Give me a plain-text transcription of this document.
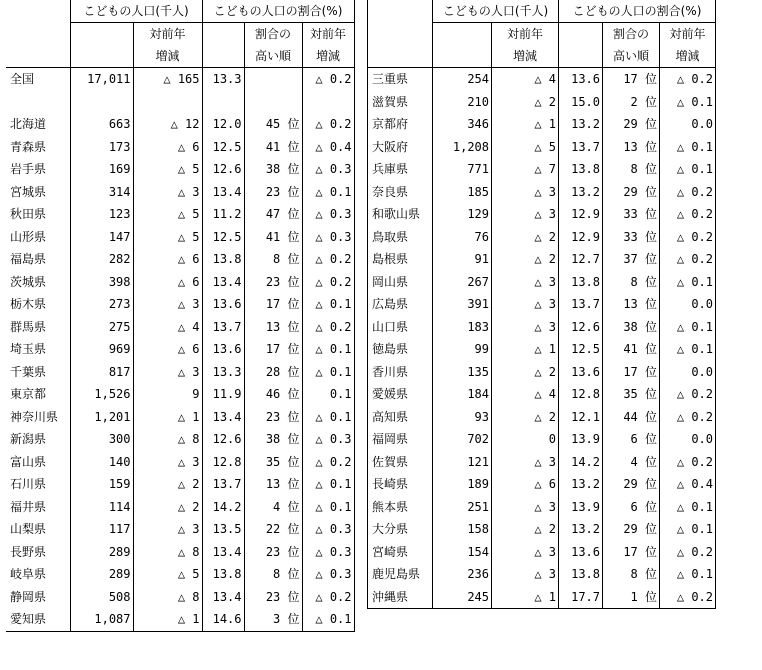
	こどもの人口(千人)		こどもの人口の割合(%)		
		対前年		割合の	対前年
		増減		高い順	増減
全国	17,011	△ 165	13.3		△ 0.2

北海道	663	△ 12	12.0	45 位	△ 0.2
青森県	173	△ 6	12.5	41 位	△ 0.4
岩手県	169	△ 5	12.6	38 位	△ 0.3
宮城県	314	△ 3	13.4	23 位	△ 0.1
秋田県	123	△ 5	11.2	47 位	△ 0.3
山形県	147	△ 5	12.5	41 位	△ 0.3
福島県	282	△ 6	13.8	8 位	△ 0.2
茨城県	398	△ 6	13.4	23 位	△ 0.2
栃木県	273	△ 3	13.6	17 位	△ 0.1
群馬県	275	△ 4	13.7	13 位	△ 0.2
埼玉県	969	△ 6	13.6	17 位	△ 0.1
千葉県	817	△ 3	13.3	28 位	△ 0.1
東京都	1,526	9	11.9	46 位	0.1
神奈川県	1,201	△ 1	13.4	23 位	△ 0.1
新潟県	300	△ 8	12.6	38 位	△ 0.3
富山県	140	△ 3	12.8	35 位	△ 0.2
石川県	159	△ 2	13.7	13 位	△ 0.1
福井県	114	△ 2	14.2	4 位	△ 0.1
山梨県	117	△ 3	13.5	22 位	△ 0.3
長野県	289	△ 8	13.4	23 位	△ 0.3
岐阜県	289	△ 5	13.8	8 位	△ 0.3
静岡県	508	△ 8	13.4	23 位	△ 0.2
愛知県	1,087	△ 1	14.6	3 位	△ 0.1
	こどもの人口(千人)		こどもの人口の割合(%)		
		対前年		割合の	対前年
		増減		高い順	増減
三重県	254	△ 4	13.6	17 位	△ 0.2
滋賀県	210	△ 2	15.0	2 位	△ 0.1
京都府	346	△ 1	13.2	29 位	0.0
大阪府	1,208	△ 5	13.7	13 位	△ 0.1
兵庫県	771	△ 7	13.8	8 位	△ 0.1
奈良県	185	△ 3	13.2	29 位	△ 0.2
和歌山県	129	△ 3	12.9	33 位	△ 0.2
鳥取県	76	△ 2	12.9	33 位	△ 0.2
島根県	91	△ 2	12.7	37 位	△ 0.2
岡山県	267	△ 3	13.8	8 位	△ 0.1
広島県	391	△ 3	13.7	13 位	0.0
山口県	183	△ 3	12.6	38 位	△ 0.1
徳島県	99	△ 1	12.5	41 位	△ 0.1
香川県	135	△ 2	13.6	17 位	0.0
愛媛県	184	△ 4	12.8	35 位	△ 0.2
高知県	93	△ 2	12.1	44 位	△ 0.2
福岡県	702	0	13.9	6 位	0.0
佐賀県	121	△ 3	14.2	4 位	△ 0.2
長崎県	189	△ 6	13.2	29 位	△ 0.4
熊本県	251	△ 3	13.9	6 位	△ 0.1
大分県	158	△ 2	13.2	29 位	△ 0.1
宮崎県	154	△ 3	13.6	17 位	△ 0.2
鹿児島県	236	△ 3	13.8	8 位	△ 0.1
沖縄県	245	△ 1	17.7	1 位	△ 0.2
